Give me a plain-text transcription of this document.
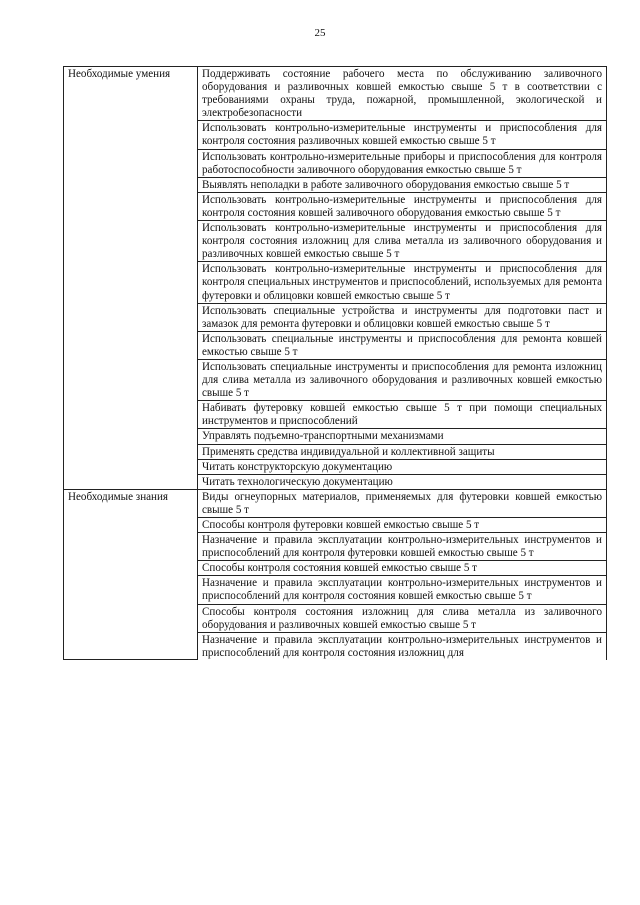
25
Необходимые умения	Поддерживать состояние рабочего места по обслуживанию заливочного оборудования и разливочных ковшей емкостью свыше 5 т в соответствии с требованиями охраны труда, пожарной, промышленной, экологической и электробезопасности
	Использовать контрольно-измерительные инструменты и приспособления для контроля состояния разливочных ковшей емкостью свыше 5 т
	Использовать контрольно-измерительные приборы и приспособления для контроля работоспособности заливочного оборудования емкостью свыше 5 т
	Выявлять неполадки в работе заливочного оборудования емкостью свыше 5 т
	Использовать контрольно-измерительные инструменты и приспособления для контроля состояния ковшей заливочного оборудования емкостью свыше 5 т
	Использовать контрольно-измерительные инструменты и приспособления для контроля состояния изложниц для слива металла из заливочного оборудования и разливочных ковшей емкостью свыше 5 т
	Использовать контрольно-измерительные инструменты и приспособления для контроля специальных инструментов и приспособлений, используемых для ремонта футеровки и облицовки ковшей емкостью свыше 5 т
	Использовать специальные устройства и инструменты для подготовки паст и замазок для ремонта футеровки и облицовки ковшей емкостью свыше 5 т
	Использовать специальные инструменты и приспособления для ремонта ковшей емкостью свыше 5 т
	Использовать специальные инструменты и приспособления для ремонта изложниц для слива металла из заливочного оборудования и разливочных ковшей емкостью свыше 5 т
	Набивать футеровку ковшей емкостью свыше 5 т при помощи специальных инструментов и приспособлений
	Управлять подъемно-транспортными механизмами
	Применять средства индивидуальной и коллективной защиты
	Читать конструкторскую документацию
	Читать технологическую документацию
Необходимые знания	Виды огнеупорных материалов, применяемых для футеровки ковшей емкостью свыше 5 т
	Способы контроля футеровки ковшей емкостью свыше 5 т
	Назначение и правила эксплуатации контрольно-измерительных инструментов и приспособлений для контроля футеровки ковшей емкостью свыше 5 т
	Способы контроля состояния ковшей емкостью свыше 5 т
	Назначение и правила эксплуатации контрольно-измерительных инструментов и приспособлений для контроля состояния ковшей емкостью свыше 5 т
	Способы контроля состояния изложниц для слива металла из заливочного оборудования и разливочных ковшей емкостью свыше 5 т
	Назначение и правила эксплуатации контрольно-измерительных инструментов и приспособлений для контроля состояния изложниц для
